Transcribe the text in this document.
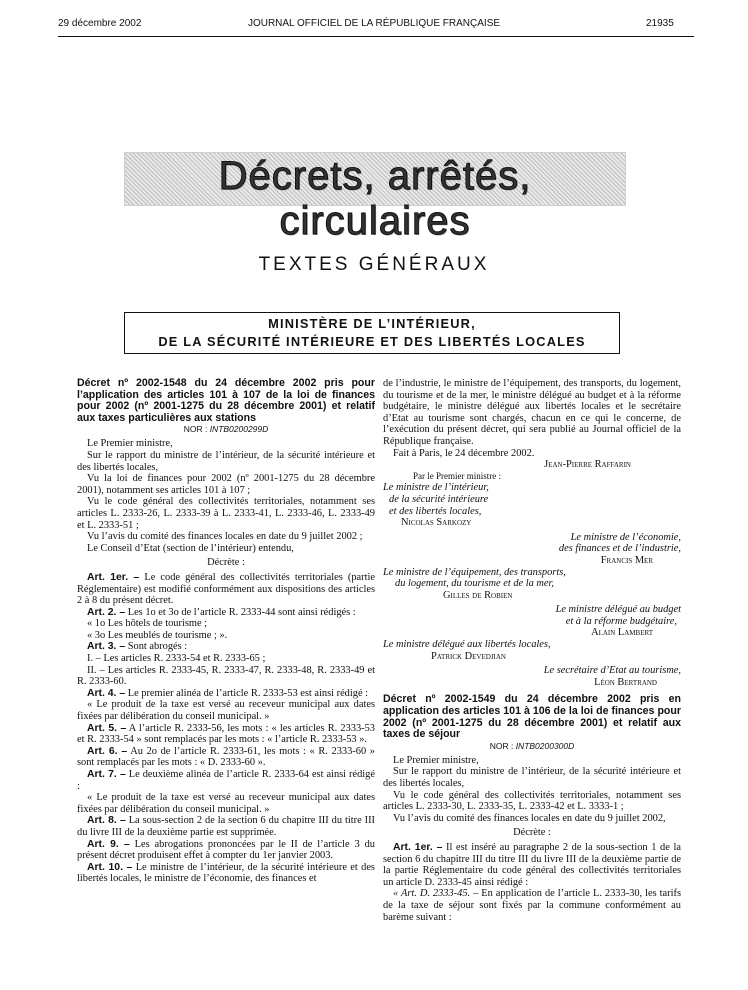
29 décembre 2002	JOURNAL OFFICIEL DE LA RÉPUBLIQUE FRANÇAISE	21935
Décrets, arrêtés, circulaires
TEXTES GÉNÉRAUX
MINISTÈRE DE L’INTÉRIEUR,
DE LA SÉCURITÉ INTÉRIEURE ET DES LIBERTÉS LOCALES
Décret nº 2002-1548 du 24 décembre 2002 pris pour l’application des articles 101 à 107 de la loi de finances pour 2002 (nº 2001-1275 du 28 décembre 2001) et relatif aux taxes particulières aux stations
NOR : INTB0200299D

Le Premier ministre,

Sur le rapport du ministre de l’intérieur, de la sécurité intérieure et des libertés locales,

Vu la loi de finances pour 2002 (nº 2001-1275 du 28 décembre 2001), notamment ses articles 101 à 107 ;

Vu le code général des collectivités territoriales, notamment ses articles L. 2333-26, L. 2333-39 à L. 2333-41, L. 2333-46, L. 2333-49 et L. 2333-51 ;

Vu l’avis du comité des finances locales en date du 9 juillet 2002 ;

Le Conseil d’Etat (section de l’intérieur) entendu,

Décrète :

Art. 1er. – Le code général des collectivités territoriales (partie Réglementaire) est modifié conformément aux dispositions des articles 2 à 8 du présent décret.

Art. 2. – Les 1o et 3o de l’article R. 2333-44 sont ainsi rédigés :

« 1o Les hôtels de tourisme ;

« 3o Les meublés de tourisme ; ».

Art. 3. – Sont abrogés :

I. – Les articles R. 2333-54 et R. 2333-65 ;

II. – Les articles R. 2333-45, R. 2333-47, R. 2333-48, R. 2333-49 et R. 2333-60.

Art. 4. – Le premier alinéa de l’article R. 2333-53 est ainsi rédigé :

« Le produit de la taxe est versé au receveur municipal aux dates fixées par délibération du conseil municipal. »

Art. 5. – A l’article R. 2333-56, les mots : « les articles R. 2333-53 et R. 2333-54 » sont remplacés par les mots : « l’article R. 2333-53 ».

Art. 6. – Au 2o de l’article R. 2333-61, les mots : « R. 2333-60 » sont remplacés par les mots : « D. 2333-60 ».

Art. 7. – Le deuxième alinéa de l’article R. 2333-64 est ainsi rédigé :

« Le produit de la taxe est versé au receveur municipal aux dates fixées par délibération du conseil municipal. »

Art. 8. – La sous-section 2 de la section 6 du chapitre III du titre III du livre III de la deuxième partie est supprimée.

Art. 9. – Les abrogations prononcées par le II de l’article 3 du présent décret produisent effet à compter du 1er janvier 2003.

Art. 10. – Le ministre de l’intérieur, de la sécurité intérieure et des libertés locales, le ministre de l’économie, des finances et

de l’industrie, le ministre de l’équipement, des transports, du logement, du tourisme et de la mer, le ministre délégué au budget et à la réforme budgétaire, le ministre délégué aux libertés locales et le secrétaire d’Etat au tourisme sont chargés, chacun en ce qui le concerne, de l’exécution du présent décret, qui sera publié au Journal officiel de la République française.

Fait à Paris, le 24 décembre 2002.

Jean-Pierre Raffarin

Par le Premier ministre :

Le ministre de l’intérieur,

de la sécurité intérieure

et des libertés locales,

Nicolas Sarkozy

Le ministre de l’économie,

des finances et de l’industrie,

Francis Mer

Le ministre de l’équipement, des transports,

du logement, du tourisme et de la mer,

Gilles de Robien

Le ministre délégué au budget

et à la réforme budgétaire,

Alain Lambert

Le ministre délégué aux libertés locales,

Patrick Devedjian

Le secrétaire d’Etat au tourisme,

Léon Bertrand

Décret nº 2002-1549 du 24 décembre 2002 pris en application des articles 101 à 106 de la loi de finances pour 2002 (nº 2001-1275 du 28 décembre 2001) et relatif aux taxes de séjour
NOR : INTB0200300D

Le Premier ministre,

Sur le rapport du ministre de l’intérieur, de la sécurité intérieure et des libertés locales,

Vu le code général des collectivités territoriales, notamment ses articles L. 2333-30, L. 2333-35, L. 2333-42 et L. 3333-1 ;

Vu l’avis du comité des finances locales en date du 9 juillet 2002,

Décrète :

Art. 1er. – Il est inséré au paragraphe 2 de la sous-section 1 de la section 6 du chapitre III du titre III du livre III de la deuxième partie de la partie Réglementaire du code général des collectivités territoriales un article D. 2333-45 ainsi rédigé :

« Art. D. 2333-45. – En application de l’article L. 2333-30, les tarifs de la taxe de séjour sont fixés par la commune conformément au barème suivant :
